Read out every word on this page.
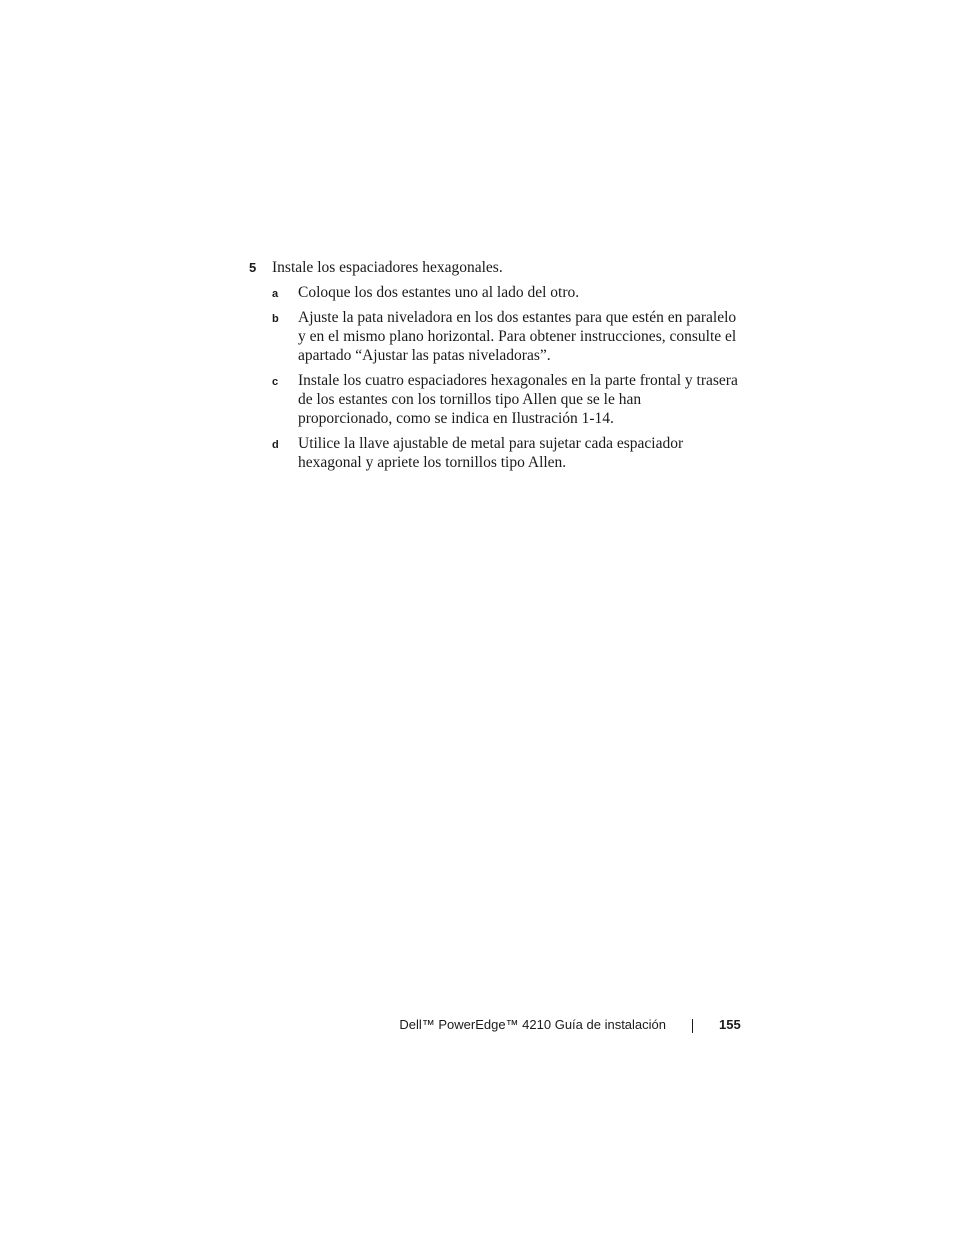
5	Instale los espaciadores hexagonales.
a	Coloque los dos estantes uno al lado del otro.
b	Ajuste la pata niveladora en los dos estantes para que estén en paralelo y en el mismo plano horizontal. Para obtener instrucciones, consulte el apartado “Ajustar las patas niveladoras”.
c	Instale los cuatro espaciadores hexagonales en la parte frontal y trasera de los estantes con los tornillos tipo Allen que se le han proporcionado, como se indica en Ilustración 1-14.
d	Utilice la llave ajustable de metal para sujetar cada espaciador hexagonal y apriete los tornillos tipo Allen.
Dell™ PowerEdge™ 4210 Guía de instalación	155
